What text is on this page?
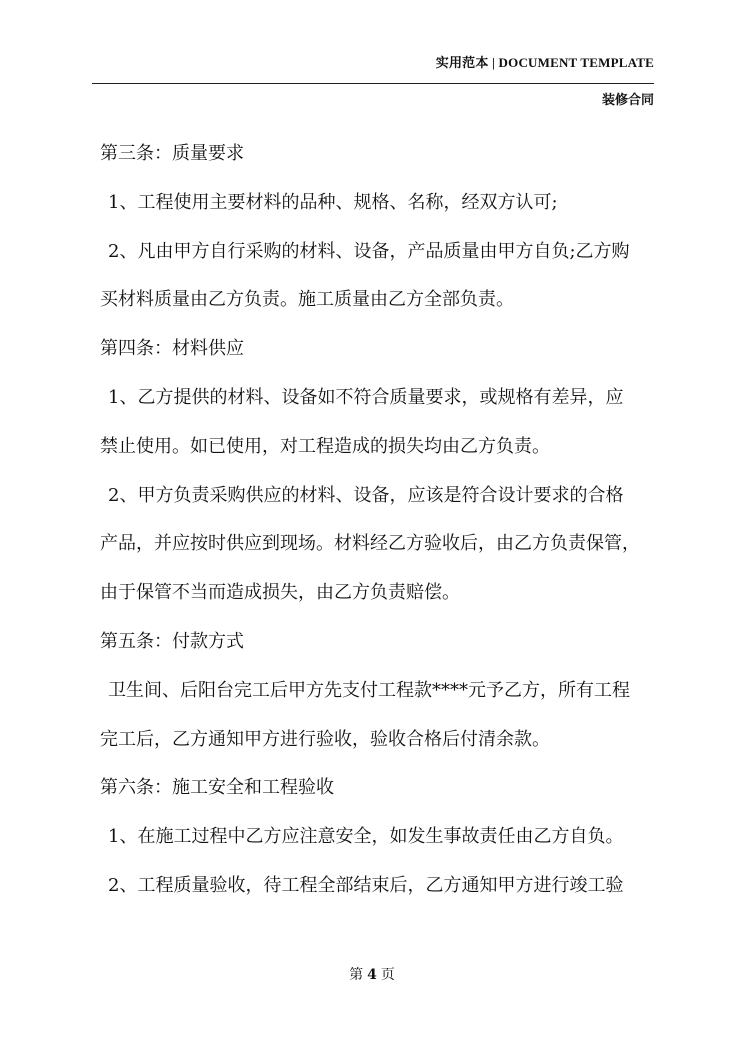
实用范本 | DOCUMENT TEMPLATE
装修合同
第三条：质量要求
1、工程使用主要材料的品种、规格、名称，经双方认可;
2、凡由甲方自行采购的材料、设备，产品质量由甲方自负;乙方购
买材料质量由乙方负责。施工质量由乙方全部负责。
第四条：材料供应
1、乙方提供的材料、设备如不符合质量要求，或规格有差异，应
禁止使用。如已使用，对工程造成的损失均由乙方负责。
2、甲方负责采购供应的材料、设备，应该是符合设计要求的合格
产品，并应按时供应到现场。材料经乙方验收后，由乙方负责保管，
由于保管不当而造成损失，由乙方负责赔偿。
第五条：付款方式
卫生间、后阳台完工后甲方先支付工程款****元予乙方，所有工程
完工后，乙方通知甲方进行验收，验收合格后付清余款。
第六条：施工安全和工程验收
1、在施工过程中乙方应注意安全，如发生事故责任由乙方自负。
2、工程质量验收，待工程全部结束后，乙方通知甲方进行竣工验
第 4 页
